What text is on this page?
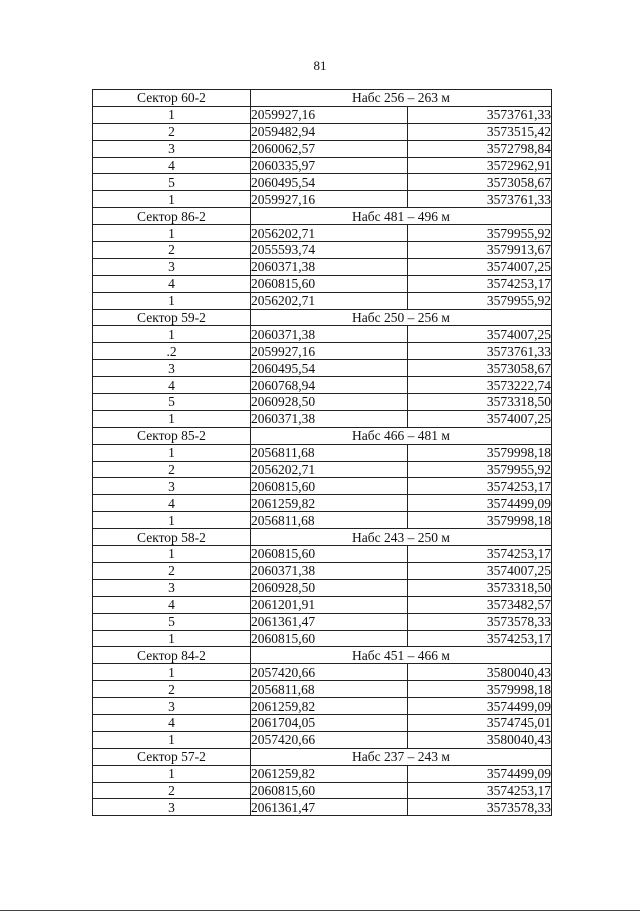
81
Сектор 60-2	Набс 256 – 263 м	
1	2059927,16	3573761,33
2	2059482,94	3573515,42
3	2060062,57	3572798,84
4	2060335,97	3572962,91
5	2060495,54	3573058,67
1	2059927,16	3573761,33
Сектор 86-2	Набс 481 – 496 м	
1	2056202,71	3579955,92
2	2055593,74	3579913,67
3	2060371,38	3574007,25
4	2060815,60	3574253,17
1	2056202,71	3579955,92
Сектор 59-2	Набс 250 – 256 м	
1	2060371,38	3574007,25
.2	2059927,16	3573761,33
3	2060495,54	3573058,67
4	2060768,94	3573222,74
5	2060928,50	3573318,50
1	2060371,38	3574007,25
Сектор 85-2	Набс 466 – 481 м	
1	2056811,68	3579998,18
2	2056202,71	3579955,92
3	2060815,60	3574253,17
4	2061259,82	3574499,09
1	2056811,68	3579998,18
Сектор 58-2	Набс 243 – 250 м	
1	2060815,60	3574253,17
2	2060371,38	3574007,25
3	2060928,50	3573318,50
4	2061201,91	3573482,57
5	2061361,47	3573578,33
1	2060815,60	3574253,17
Сектор 84-2	Набс 451 – 466 м	
1	2057420,66	3580040,43
2	2056811,68	3579998,18
3	2061259,82	3574499,09
4	2061704,05	3574745,01
1	2057420,66	3580040,43
Сектор 57-2	Набс 237 – 243 м	
1	2061259,82	3574499,09
2	2060815,60	3574253,17
3	2061361,47	3573578,33
